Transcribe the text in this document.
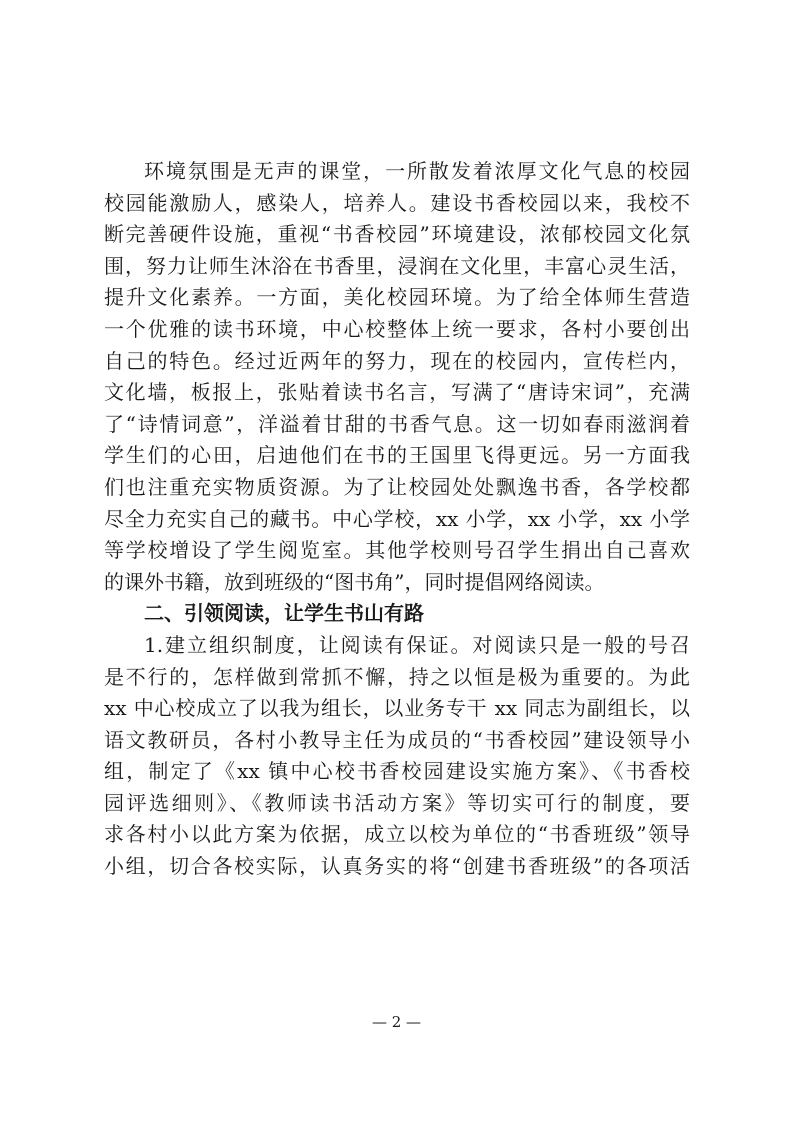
环境氛围是无声的课堂，一所散发着浓厚文化气息的校园
校园能激励人，感染人，培养人。建设书香校园以来，我校不
断完善硬件设施，重视“书香校园”环境建设，浓郁校园文化氛
围，努力让师生沐浴在书香里，浸润在文化里，丰富心灵生活，
提升文化素养。一方面，美化校园环境。为了给全体师生营造
一个优雅的读书环境，中心校整体上统一要求，各村小要创出
自己的特色。经过近两年的努力，现在的校园内，宣传栏内，
文化墙，板报上，张贴着读书名言，写满了“唐诗宋词”，充满
了“诗情词意”，洋溢着甘甜的书香气息。这一切如春雨滋润着
学生们的心田，启迪他们在书的王国里飞得更远。另一方面我
们也注重充实物质资源。为了让校园处处飘逸书香，各学校都
尽全力充实自己的藏书。中心学校，xx 小学，xx 小学，xx 小学
等学校增设了学生阅览室。其他学校则号召学生捐出自己喜欢
的课外书籍，放到班级的“图书角”，同时提倡网络阅读。
二、引领阅读，让学生书山有路
1.建立组织制度，让阅读有保证。对阅读只是一般的号召
是不行的，怎样做到常抓不懈，持之以恒是极为重要的。为此
xx 中心校成立了以我为组长，以业务专干 xx 同志为副组长，以
语文教研员，各村小教导主任为成员的“书香校园”建设领导小
组，制定了《xx 镇中心校书香校园建设实施方案》、《书香校
园评选细则》、《教师读书活动方案》等切实可行的制度，要
求各村小以此方案为依据，成立以校为单位的“书香班级”领导
小组，切合各校实际，认真务实的将“创建书香班级”的各项活
— 2 —
